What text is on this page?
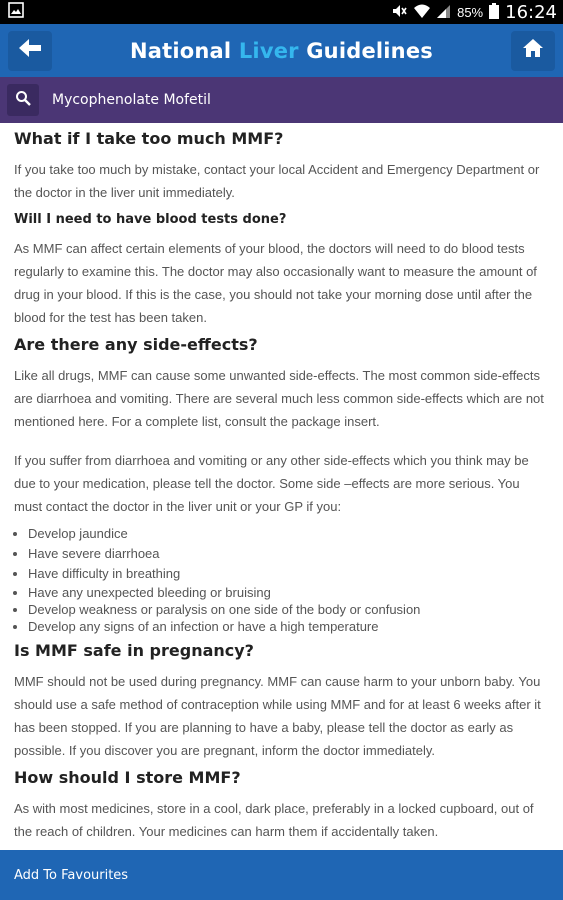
85% 16:24
National Liver Guidelines
Mycophenolate Mofetil
What if I take too much MMF?

If you take too much by mistake, contact your local Accident and Emergency Department or the doctor in the liver unit immediately.

Will I need to have blood tests done?

As MMF can affect certain elements of your blood, the doctors will need to do blood tests regularly to examine this. The doctor may also occasionally want to measure the amount of drug in your blood. If this is the case, you should not take your morning dose until after the blood for the test has been taken.

Are there any side-effects?

Like all drugs, MMF can cause some unwanted side-effects. The most common side-effects are diarrhoea and vomiting. There are several much less common side-effects which are not mentioned here. For a complete list, consult the package insert.

If you suffer from diarrhoea and vomiting or any other side-effects which you think may be due to your medication, please tell the doctor. Some side –effects are more serious. You must contact the doctor in the liver unit or your GP if you:

• Develop jaundice
• Have severe diarrhoea
• Have difficulty in breathing
• Have any unexpected bleeding or bruising
• Develop weakness or paralysis on one side of the body or confusion
• Develop any signs of an infection or have a high temperature
Is MMF safe in pregnancy?

MMF should not be used during pregnancy. MMF can cause harm to your unborn baby. You should use a safe method of contraception while using MMF and for at least 6 weeks after it has been stopped. If you are planning to have a baby, please tell the doctor as early as possible. If you discover you are pregnant, inform the doctor immediately.

How should I store MMF?

As with most medicines, store in a cool, dark place, preferably in a locked cupboard, out of the reach of children. Your medicines can harm them if accidentally taken.

Add To Favourites
